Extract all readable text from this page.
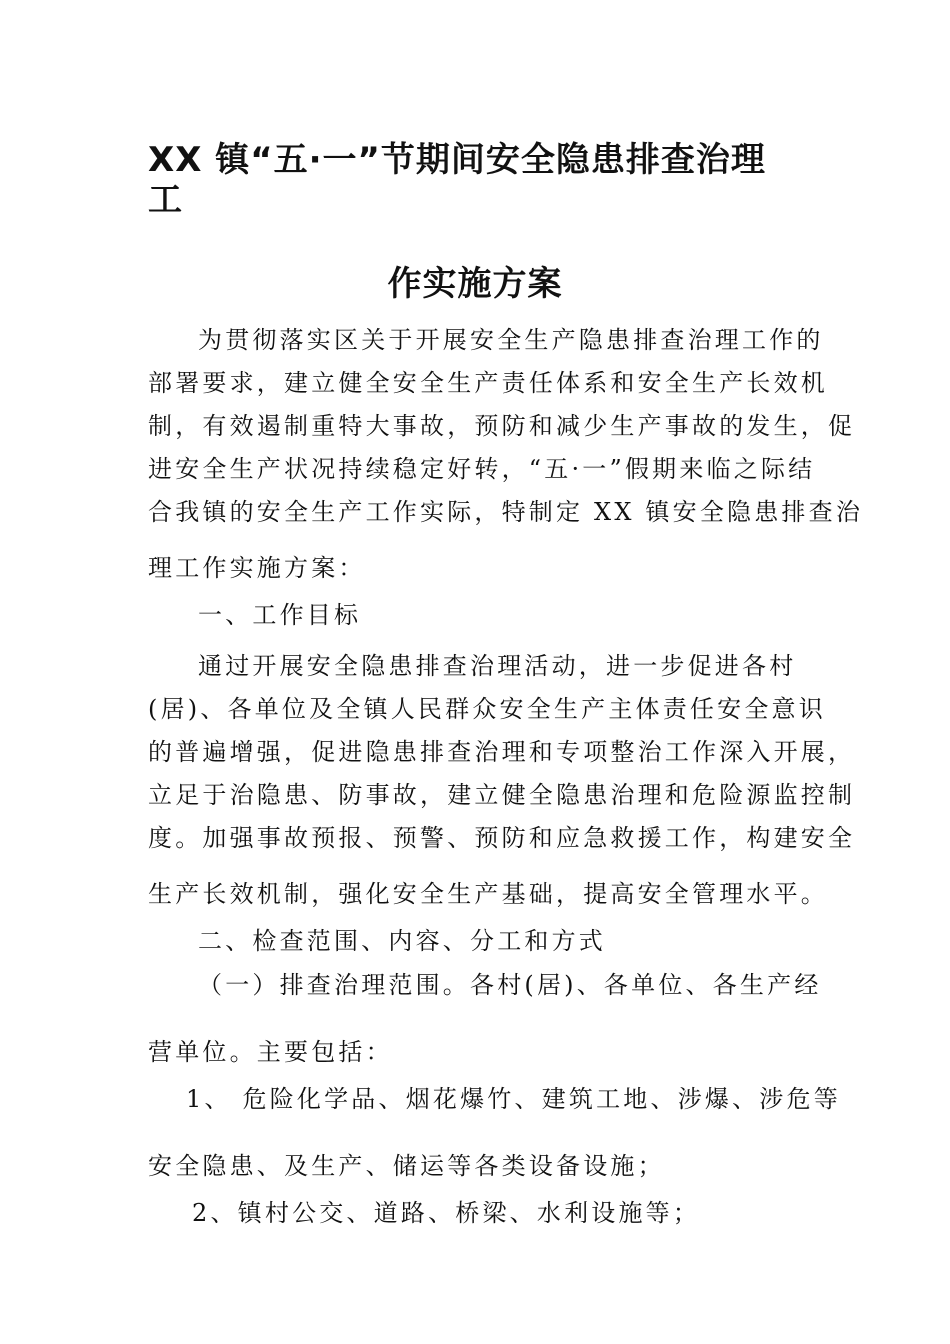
XX 镇“五·一”节期间安全隐患排查治理
工
作实施方案
为贯彻落实区关于开展安全生产隐患排查治理工作的
部署要求，建立健全安全生产责任体系和安全生产长效机
制，有效遏制重特大事故，预防和减少生产事故的发生，促
进安全生产状况持续稳定好转，“五·一”假期来临之际结
合我镇的安全生产工作实际，特制定 XX 镇安全隐患排查治
理工作实施方案：
一、工作目标
通过开展安全隐患排查治理活动，进一步促进各村
(居)、各单位及全镇人民群众安全生产主体责任安全意识
的普遍增强，促进隐患排查治理和专项整治工作深入开展，
立足于治隐患、防事故，建立健全隐患治理和危险源监控制
度。加强事故预报、预警、预防和应急救援工作，构建安全
生产长效机制，强化安全生产基础，提高安全管理水平。
二、检查范围、内容、分工和方式
（一）排查治理范围。各村(居)、各单位、各生产经
营单位。主要包括：
1、 危险化学品、烟花爆竹、建筑工地、涉爆、涉危等
安全隐患、及生产、储运等各类设备设施；
2、镇村公交、道路、桥梁、水利设施等；
